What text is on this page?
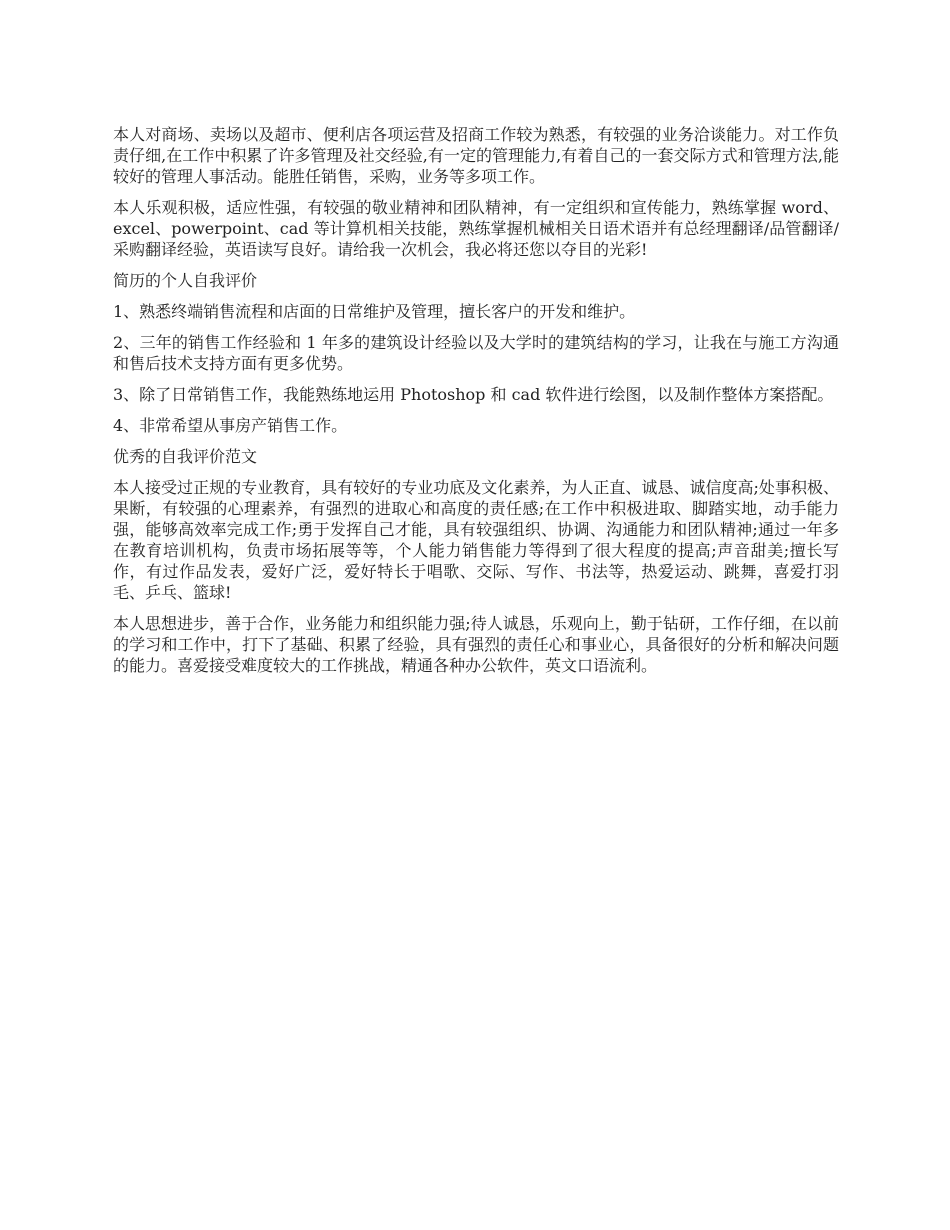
本人对商场、卖场以及超市、便利店各项运营及招商工作较为熟悉，有较强的业务洽谈能力。对工作负责仔细,在工作中积累了许多管理及社交经验,有一定的管理能力,有着自己的一套交际方式和管理方法,能较好的管理人事活动。能胜任销售，采购，业务等多项工作。

本人乐观积极，适应性强，有较强的敬业精神和团队精神，有一定组织和宣传能力，熟练掌握 word、excel、powerpoint、cad 等计算机相关技能，熟练掌握机械相关日语术语并有总经理翻译/品管翻译/采购翻译经验，英语读写良好。请给我一次机会，我必将还您以夺目的光彩!

简历的个人自我评价

1、熟悉终端销售流程和店面的日常维护及管理，擅长客户的开发和维护。

2、三年的销售工作经验和 1 年多的建筑设计经验以及大学时的建筑结构的学习，让我在与施工方沟通和售后技术支持方面有更多优势。

3、除了日常销售工作，我能熟练地运用 Photoshop 和 cad 软件进行绘图，以及制作整体方案搭配。

4、非常希望从事房产销售工作。

优秀的自我评价范文

本人接受过正规的专业教育，具有较好的专业功底及文化素养，为人正直、诚恳、诚信度高;处事积极、果断，有较强的心理素养，有强烈的进取心和高度的责任感;在工作中积极进取、脚踏实地，动手能力强，能够高效率完成工作;勇于发挥自己才能，具有较强组织、协调、沟通能力和团队精神;通过一年多在教育培训机构，负责市场拓展等等，个人能力销售能力等得到了很大程度的提高;声音甜美;擅长写作，有过作品发表，爱好广泛，爱好特长于唱歌、交际、写作、书法等，热爱运动、跳舞，喜爱打羽毛、乒乓、篮球!

本人思想进步，善于合作，业务能力和组织能力强;待人诚恳，乐观向上，勤于钻研，工作仔细，在以前的学习和工作中，打下了基础、积累了经验，具有强烈的责任心和事业心，具备很好的分析和解决问题的能力。喜爱接受难度较大的工作挑战，精通各种办公软件，英文口语流利。
